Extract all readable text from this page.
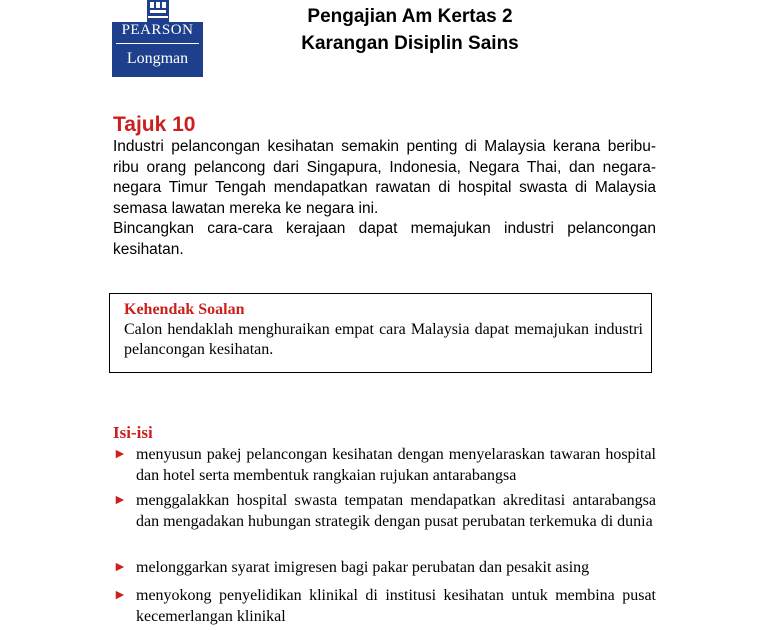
PEARSON
Longman
Pengajian Am Kertas 2
Karangan Disiplin Sains
Tajuk 10

Industri pelancongan kesihatan semakin penting di Malaysia kerana beribu-ribu orang pelancong dari Singapura, Indonesia, Negara Thai, dan negara-negara Timur Tengah mendapatkan rawatan di hospital swasta di Malaysia semasa lawatan mereka ke negara ini.

Bincangkan cara-cara kerajaan dapat memajukan industri pelancongan kesihatan.

Kehendak Soalan
Calon hendaklah menghuraikan empat cara Malaysia dapat memajukan industri pelancongan kesihatan.
Isi-isi
► menyusun pakej pelancongan kesihatan dengan menyelaraskan tawaran hospital dan hotel serta membentuk rangkaian rujukan antarabangsa
► menggalakkan hospital swasta tempatan mendapatkan akreditasi antarabangsa dan mengadakan hubungan strategik dengan pusat perubatan terkemuka di dunia
► melonggarkan syarat imigresen bagi pakar perubatan dan pesakit asing
► menyokong penyelidikan klinikal di institusi kesihatan untuk membina pusat kecemerlangan klinikal
